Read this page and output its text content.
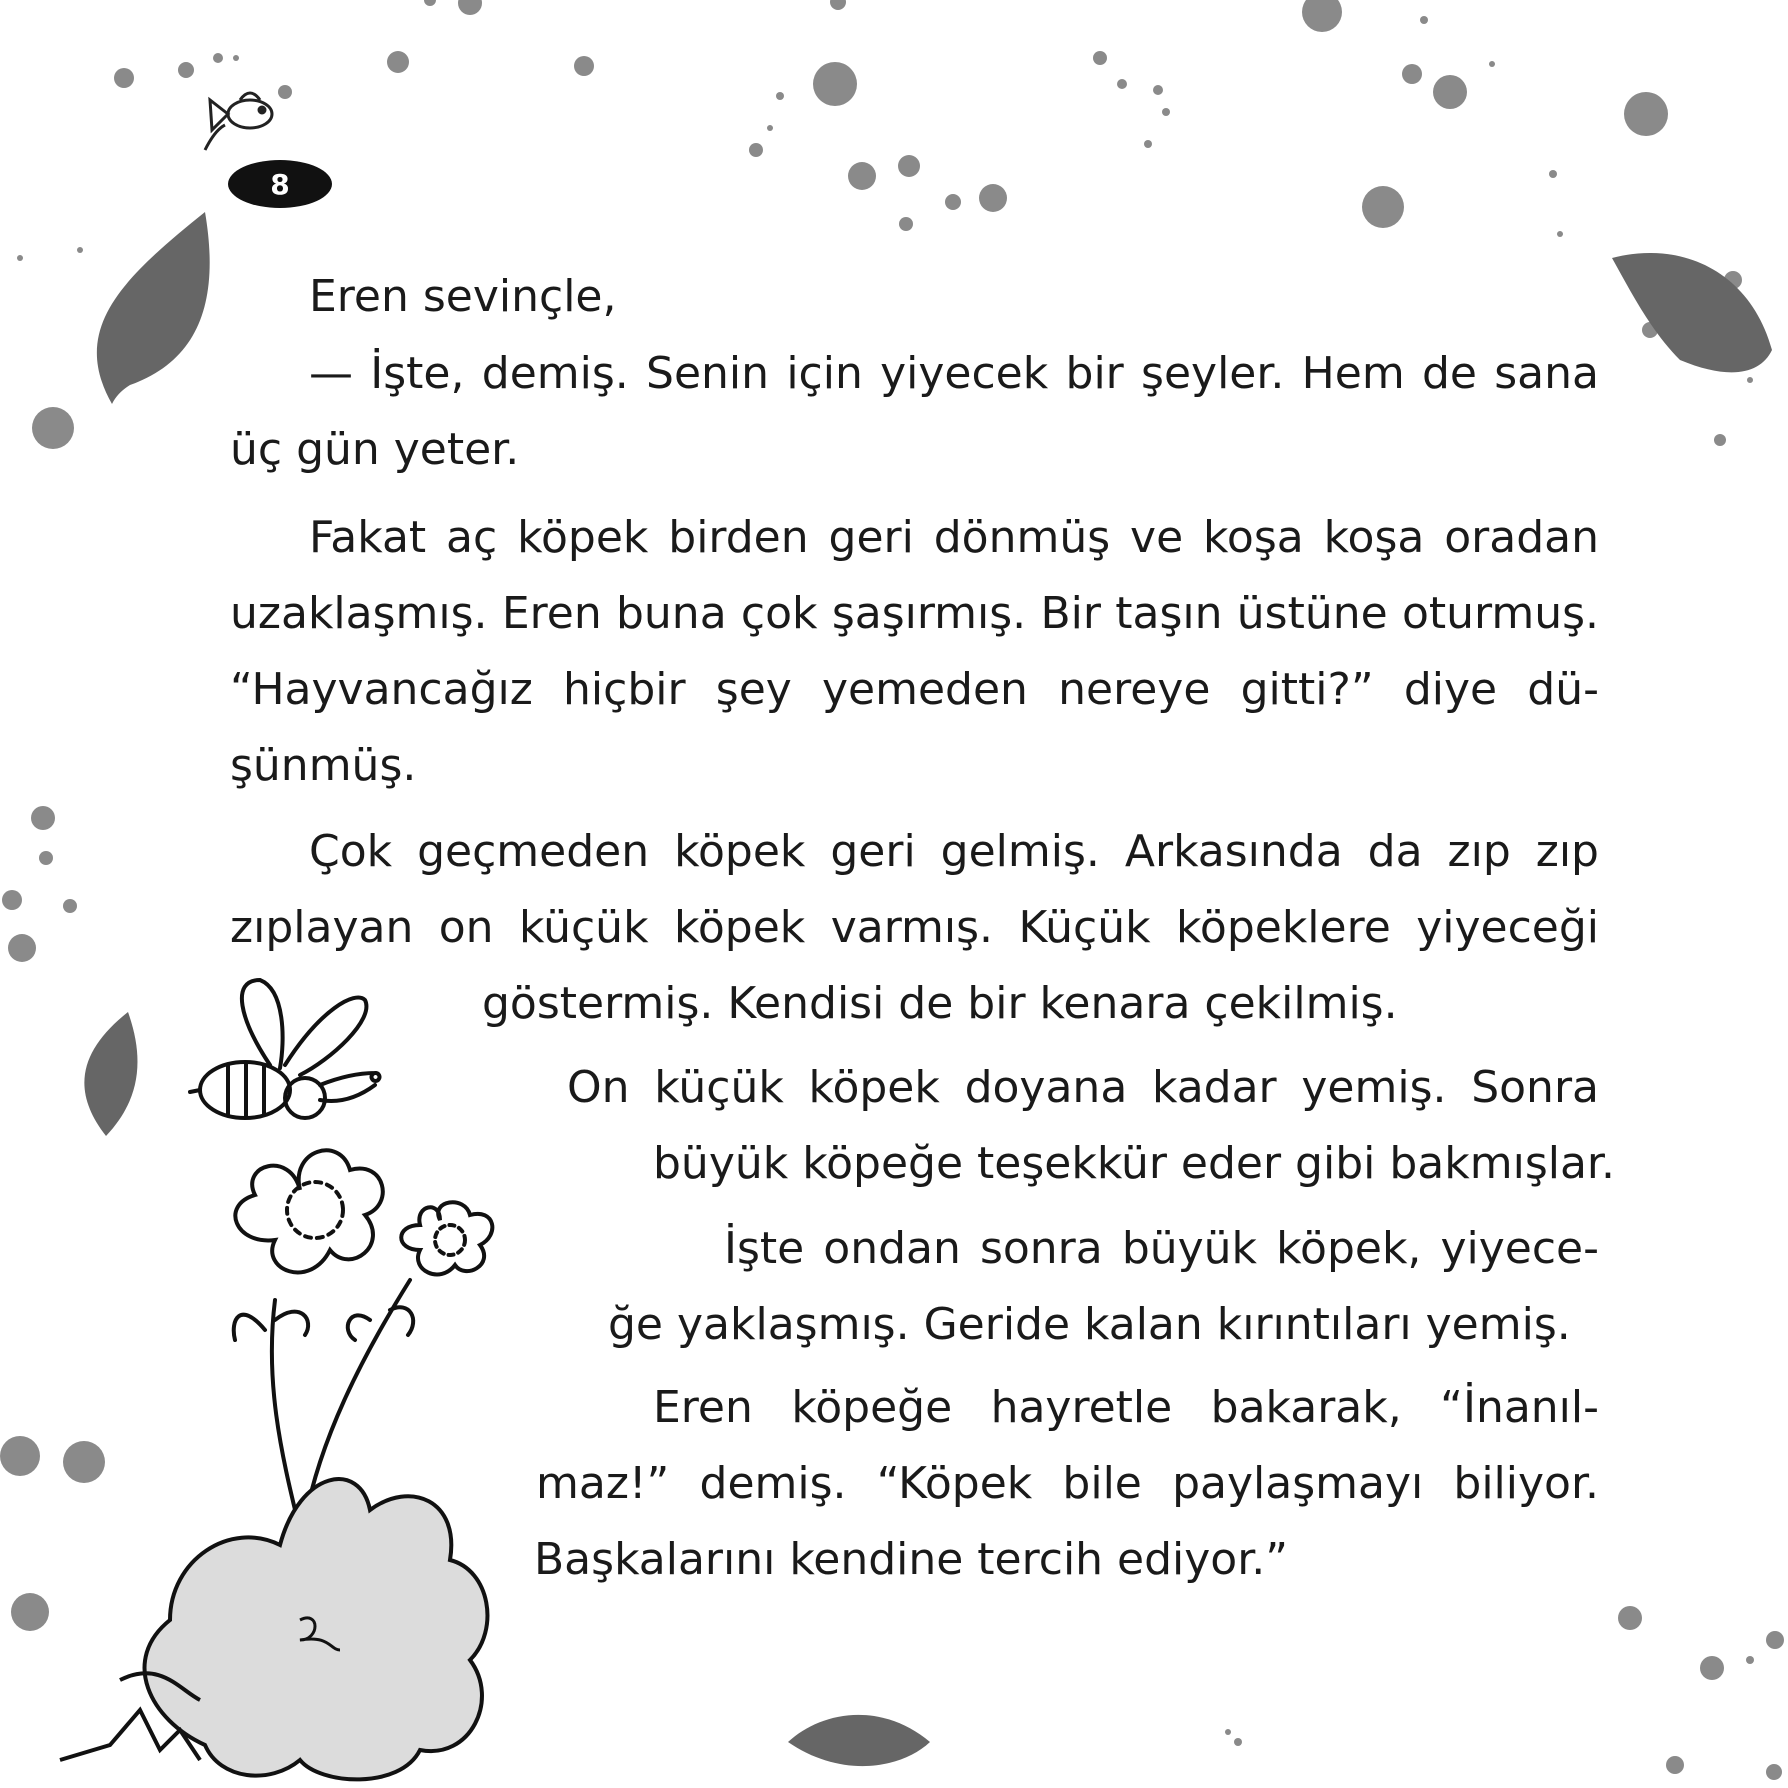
8

Eren sevinçle,

— İşte, demiş. Senin için yiyecek bir şeyler. Hem de sana

üç gün yeter.

Fakat aç köpek birden geri dönmüş ve koşa koşa oradan

uzaklaşmış. Eren buna çok şaşırmış. Bir taşın üstüne oturmuş.

“Hayvancağız hiçbir şey yemeden nereye gitti?” diye dü-

şünmüş.

Çok geçmeden köpek geri gelmiş. Arkasında da zıp zıp

zıplayan on küçük köpek varmış. Küçük köpeklere yiyeceği

göstermiş. Kendisi de bir kenara çekilmiş.

On küçük köpek doyana kadar yemiş. Sonra

büyük köpeğe teşekkür eder gibi bakmışlar.

İşte ondan sonra büyük köpek, yiyece-

ğe yaklaşmış. Geride kalan kırıntıları yemiş.

Eren köpeğe hayretle bakarak, “İnanıl-

maz!” demiş. “Köpek bile paylaşmayı biliyor.

Başkalarını kendine tercih ediyor.”
